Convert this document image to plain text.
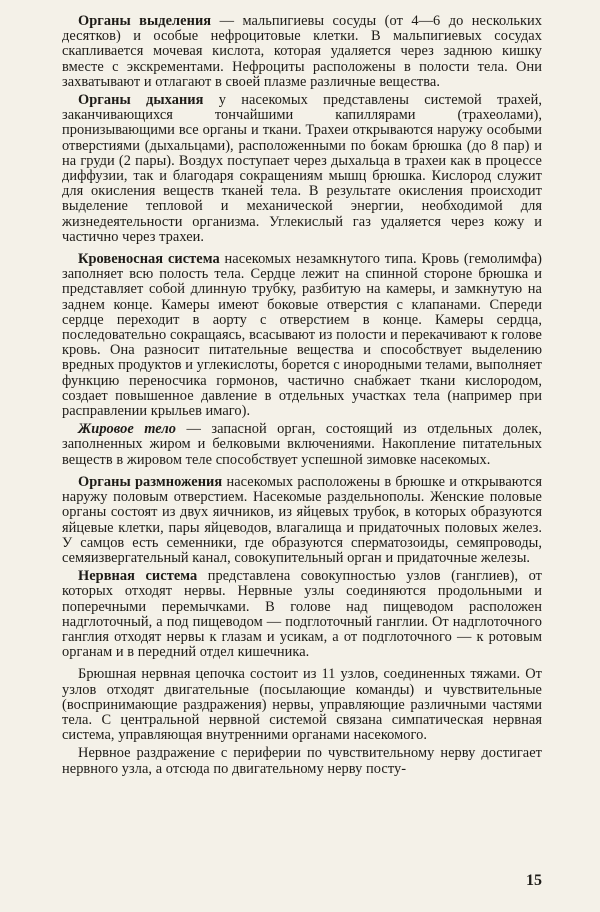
Органы выделения — мальпигиевы сосуды (от 4—6 до нескольких десятков) и особые нефроцитовые клетки. В мальпигиевых сосудах скапливается мочевая кислота, которая удаляется через заднюю кишку вместе с экскрементами. Нефроциты расположены в полости тела. Они захватывают и отлагают в своей плазме различные вещества.

Органы дыхания у насекомых представлены системой трахей, заканчивающихся тончайшими капиллярами (трахеолами), пронизывающими все органы и ткани. Трахеи открываются наружу особыми отверстиями (дыхальцами), расположенными по бокам брюшка (до 8 пар) и на груди (2 пары). Воздух поступает через дыхальца в трахеи как в процессе диффузии, так и благодаря сокращениям мышц брюшка. Кислород служит для окисления веществ тканей тела. В результате окисления происходит выделение тепловой и механической энергии, необходимой для жизнедеятельности организма. Углекислый газ удаляется через кожу и частично через трахеи.

Кровеносная система насекомых незамкнутого типа. Кровь (гемолимфа) заполняет всю полость тела. Сердце лежит на спинной стороне брюшка и представляет собой длинную трубку, разбитую на камеры, и замкнутую на заднем конце. Камеры имеют боковые отверстия с клапанами. Спереди сердце переходит в аорту с отверстием в конце. Камеры сердца, последовательно сокращаясь, всасывают из полости и перекачивают к голове кровь. Она разносит питательные вещества и способствует выделению вредных продуктов и углекислоты, борется с инородными телами, выполняет функцию переносчика гормонов, частично снабжает ткани кислородом, создает повышенное давление в отдельных участках тела (например при расправлении крыльев имаго).

Жировое тело — запасной орган, состоящий из отдельных долек, заполненных жиром и белковыми включениями. Накопление питательных веществ в жировом теле способствует успешной зимовке насекомых.

Органы размножения насекомых расположены в брюшке и открываются наружу половым отверстием. Насекомые раздельнополы. Женские половые органы состоят из двух яичников, из яйцевых трубок, в которых образуются яйцевые клетки, пары яйцеводов, влагалища и придаточных половых желез. У самцов есть семенники, где образуются сперматозоиды, семяпроводы, семяизвергательный канал, совокупительный орган и придаточные железы.

Нервная система представлена совокупностью узлов (ганглиев), от которых отходят нервы. Нервные узлы соединяются продольными и поперечными перемычками. В голове над пищеводом расположен надглоточный, а под пищеводом — подглоточный ганглии. От надглоточного ганглия отходят нервы к глазам и усикам, а от подглоточного — к ротовым органам и в передний отдел кишечника.

Брюшная нервная цепочка состоит из 11 узлов, соединенных тяжами. От узлов отходят двигательные (посылающие команды) и чувствительные (воспринимающие раздражения) нервы, управляющие различными частями тела. С центральной нервной системой связана симпатическая нервная система, управляющая внутренними органами насекомого.

Нервное раздражение с периферии по чувствительному нерву достигает нервного узла, а отсюда по двигательному нерву посту-

15
